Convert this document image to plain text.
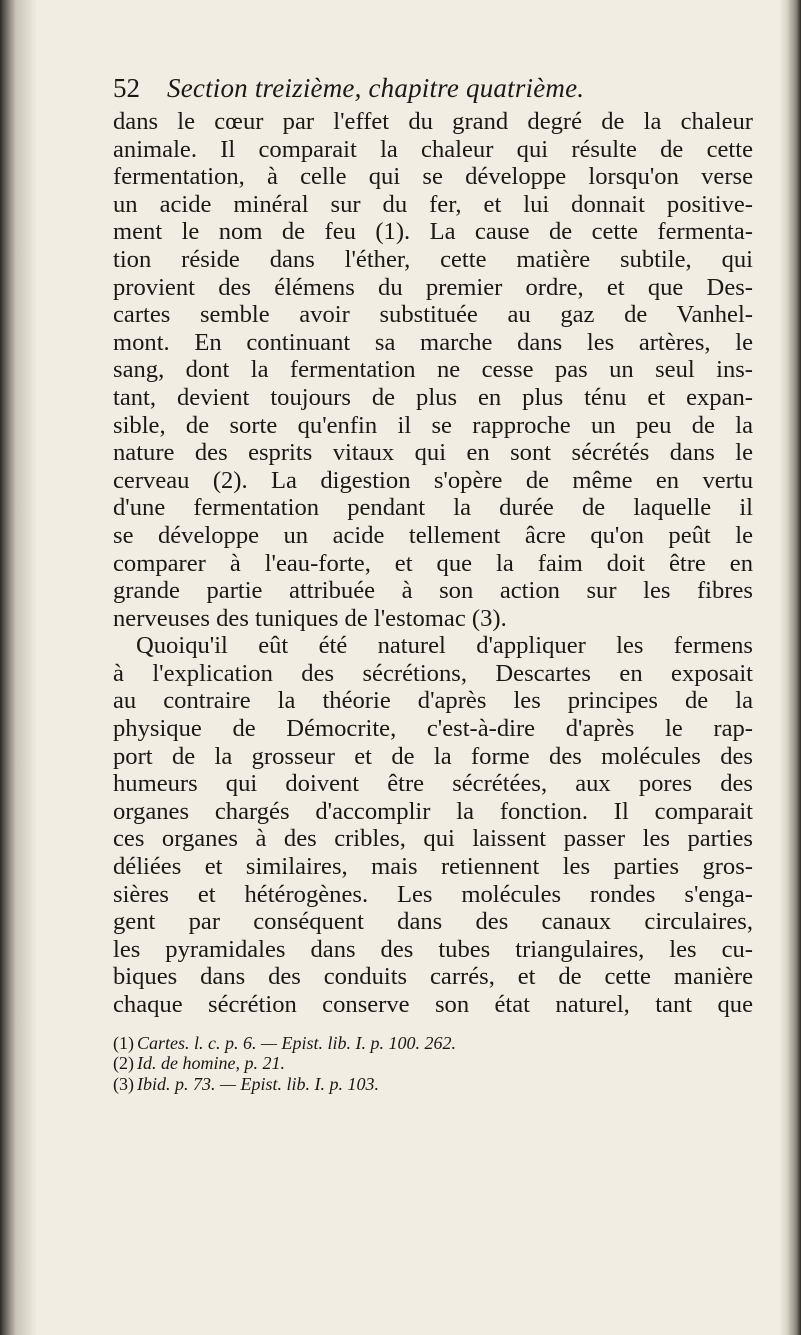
52	Section treizième, chapitre quatrième.

dans le cœur par l'effet du grand degré de la chaleur
animale. Il comparait la chaleur qui résulte de cette
fermentation, à celle qui se développe lorsqu'on verse
un acide minéral sur du fer, et lui donnait positive-
ment le nom de feu (1). La cause de cette fermenta-
tion réside dans l'éther, cette matière subtile, qui
provient des élémens du premier ordre, et que Des-
cartes semble avoir substituée au gaz de Vanhel-
mont. En continuant sa marche dans les artères, le
sang, dont la fermentation ne cesse pas un seul ins-
tant, devient toujours de plus en plus ténu et expan-
sible, de sorte qu'enfin il se rapproche un peu de la
nature des esprits vitaux qui en sont sécrétés dans le
cerveau (2). La digestion s'opère de même en vertu
d'une fermentation pendant la durée de laquelle il
se développe un acide tellement âcre qu'on peût le
comparer à l'eau-forte, et que la faim doit être en
grande partie attribuée à son action sur les fibres
nerveuses des tuniques de l'estomac (3).

Quoiqu'il eût été naturel d'appliquer les fermens
à l'explication des sécrétions, Descartes en exposait
au contraire la théorie d'après les principes de la
physique de Démocrite, c'est-à-dire d'après le rap-
port de la grosseur et de la forme des molécules des
humeurs qui doivent être sécrétées, aux pores des
organes chargés d'accomplir la fonction. Il comparait
ces organes à des cribles, qui laissent passer les parties
déliées et similaires, mais retiennent les parties gros-
sières et hétérogènes. Les molécules rondes s'enga-
gent par conséquent dans des canaux circulaires,
les pyramidales dans des tubes triangulaires, les cu-
biques dans des conduits carrés, et de cette manière
chaque sécrétion conserve son état naturel, tant que

(1) Cartes. l. c. p. 6. — Epist. lib. I. p. 100. 262.
(2) Id. de homine, p. 21.
(3) Ibid. p. 73. — Epist. lib. I. p. 103.
